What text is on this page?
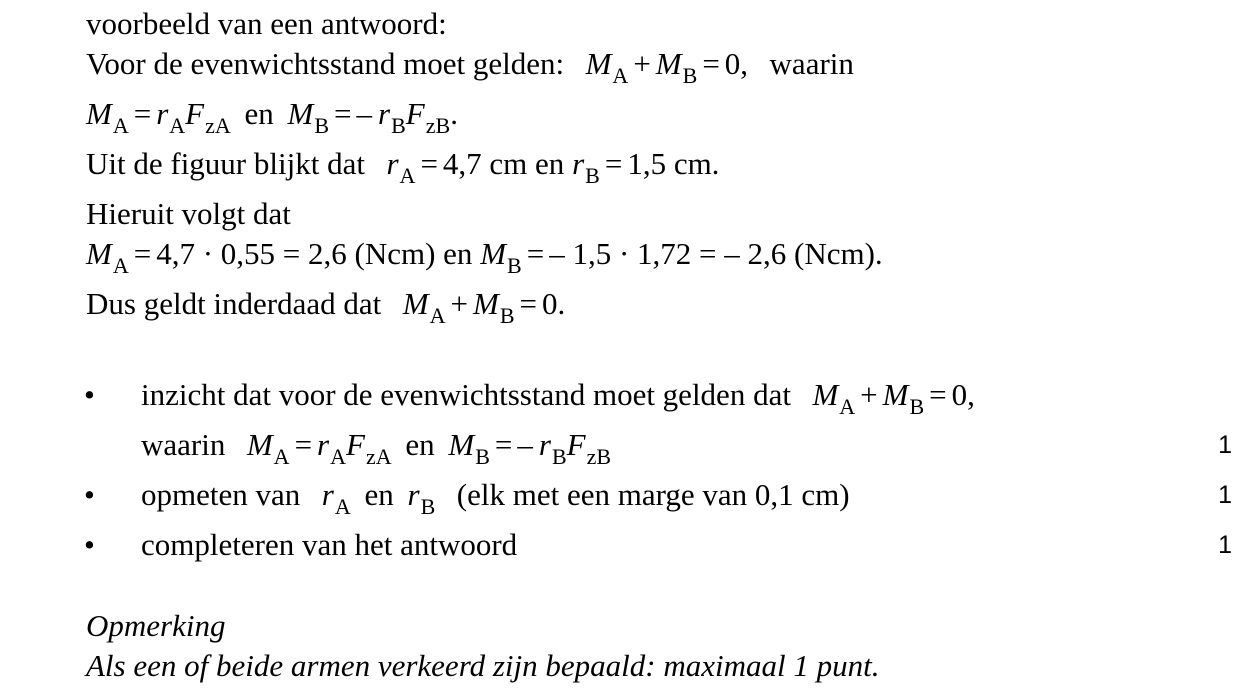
voorbeeld van een antwoord:
Voor de evenwichtsstand moet gelden: $M_A + M_B = 0$, waarin
$M_A = r_AF_{zA}$ en $M_B$ = – $r_BF_{zB}$.
Uit de figuur blijkt dat $r_A = 4,7$ cm en $r_B = 1,5$ cm.
Hieruit volgt dat
$M_A = 4,7 \cdot 0,55 = 2,6$ (Ncm) en $M_B$ = – 1,5 · 1,72 = – 2,6 (Ncm).
Dus geldt inderdaad dat $M_A + M_B = 0$.
• inzicht dat voor de evenwichtsstand moet gelden dat $M_A + M_B = 0$,
waarin $M_A = r_AF_{zA}$ en $M_B$ = – $r_BF_{zB}$	1
• opmeten van $r_A$ en $r_B$ (elk met een marge van 0,1 cm)	1
• completeren van het antwoord	1
Opmerking
Als een of beide armen verkeerd zijn bepaald: maximaal 1 punt.
